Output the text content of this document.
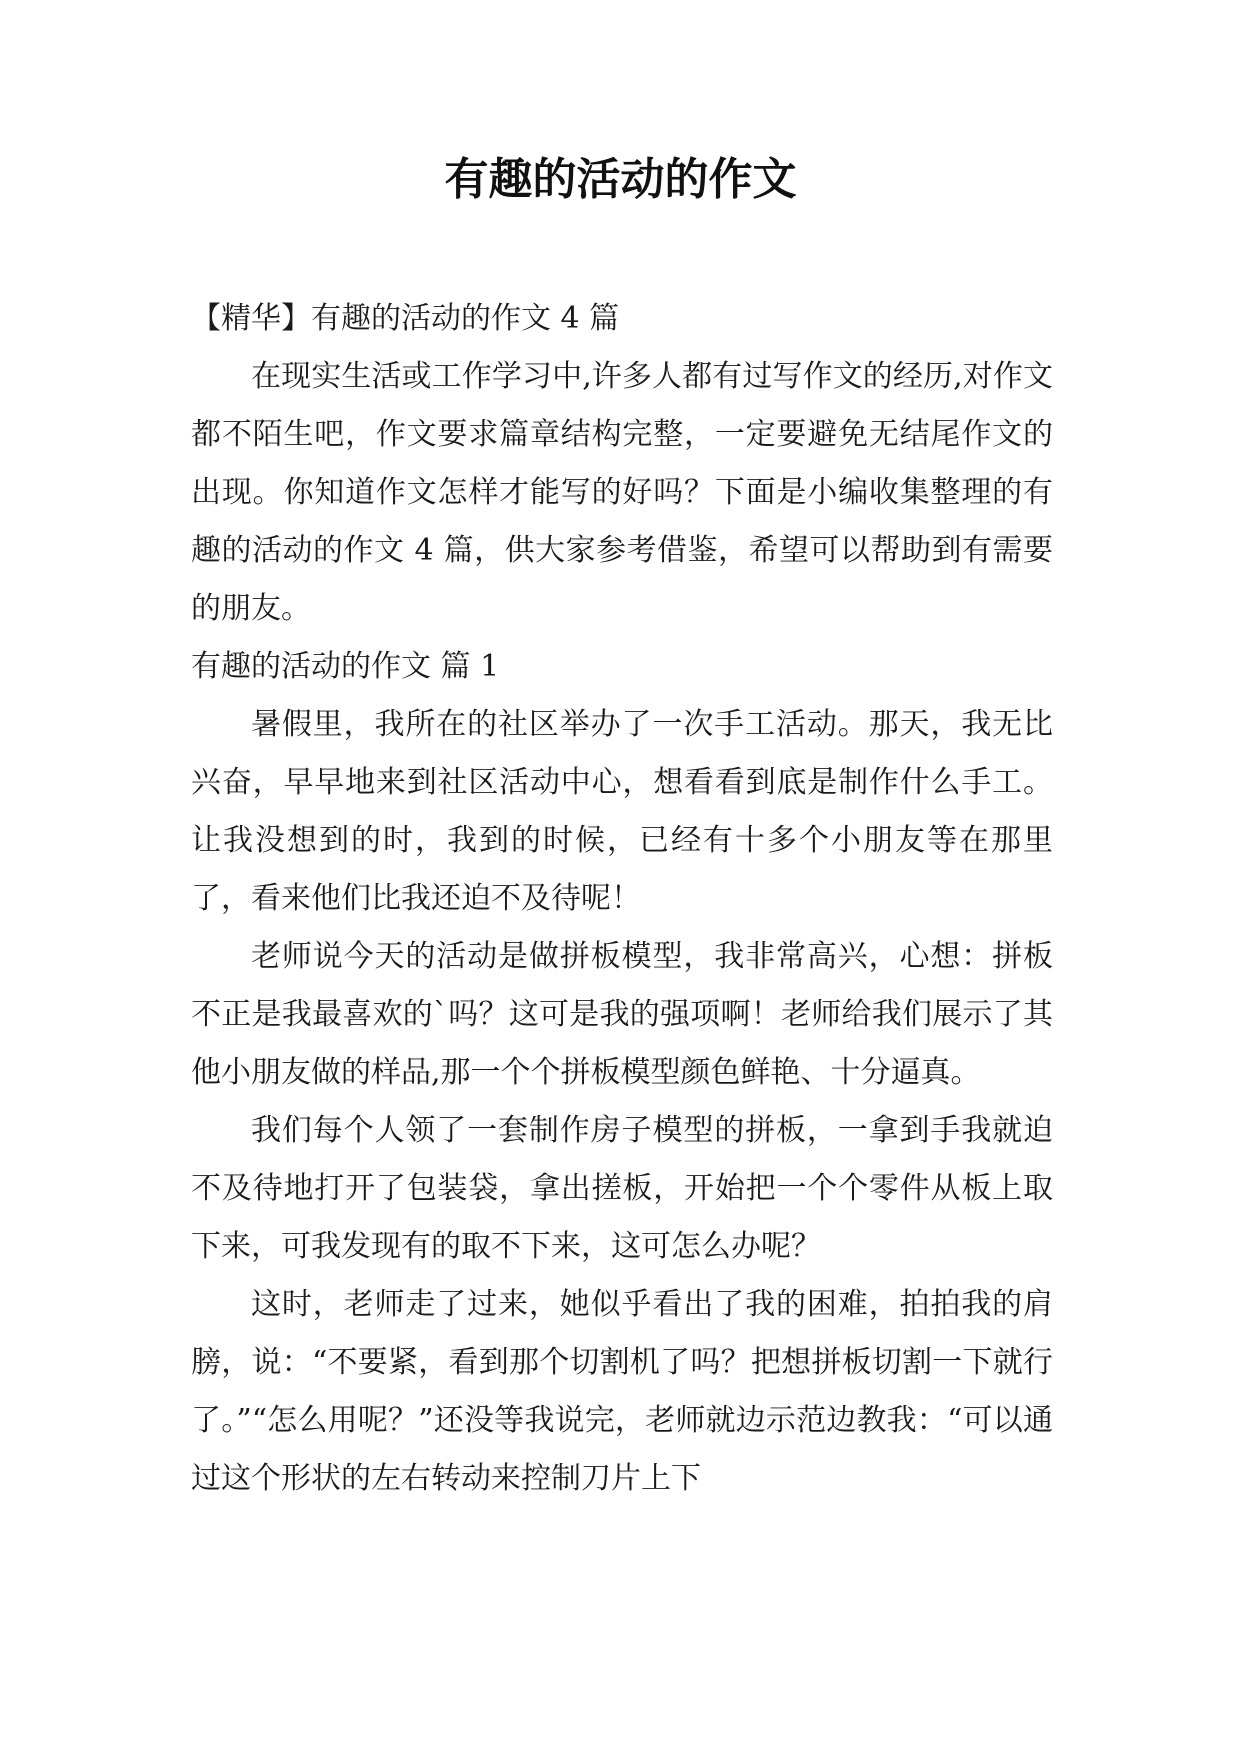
有趣的活动的作文

【精华】有趣的活动的作文 4 篇

在现实生活或工作学习中,许多人都有过写作文的经历,对作文都不陌生吧，作文要求篇章结构完整，一定要避免无结尾作文的出现。你知道作文怎样才能写的好吗？下面是小编收集整理的有趣的活动的作文 4 篇，供大家参考借鉴，希望可以帮助到有需要的朋友。

有趣的活动的作文 篇 1

暑假里，我所在的社区举办了一次手工活动。那天，我无比兴奋，早早地来到社区活动中心，想看看到底是制作什么手工。让我没想到的时，我到的时候，已经有十多个小朋友等在那里了，看来他们比我还迫不及待呢！

老师说今天的活动是做拼板模型，我非常高兴，心想：拼板不正是我最喜欢的`吗？这可是我的强项啊！老师给我们展示了其他小朋友做的样品,那一个个拼板模型颜色鲜艳、十分逼真。

我们每个人领了一套制作房子模型的拼板，一拿到手我就迫不及待地打开了包装袋，拿出搓板，开始把一个个零件从板上取下来，可我发现有的取不下来，这可怎么办呢？

这时，老师走了过来，她似乎看出了我的困难，拍拍我的肩膀，说：“不要紧，看到那个切割机了吗？把想拼板切割一下就行了。”“怎么用呢？”还没等我说完，老师就边示范边教我：“可以通过这个形状的左右转动来控制刀片上下
